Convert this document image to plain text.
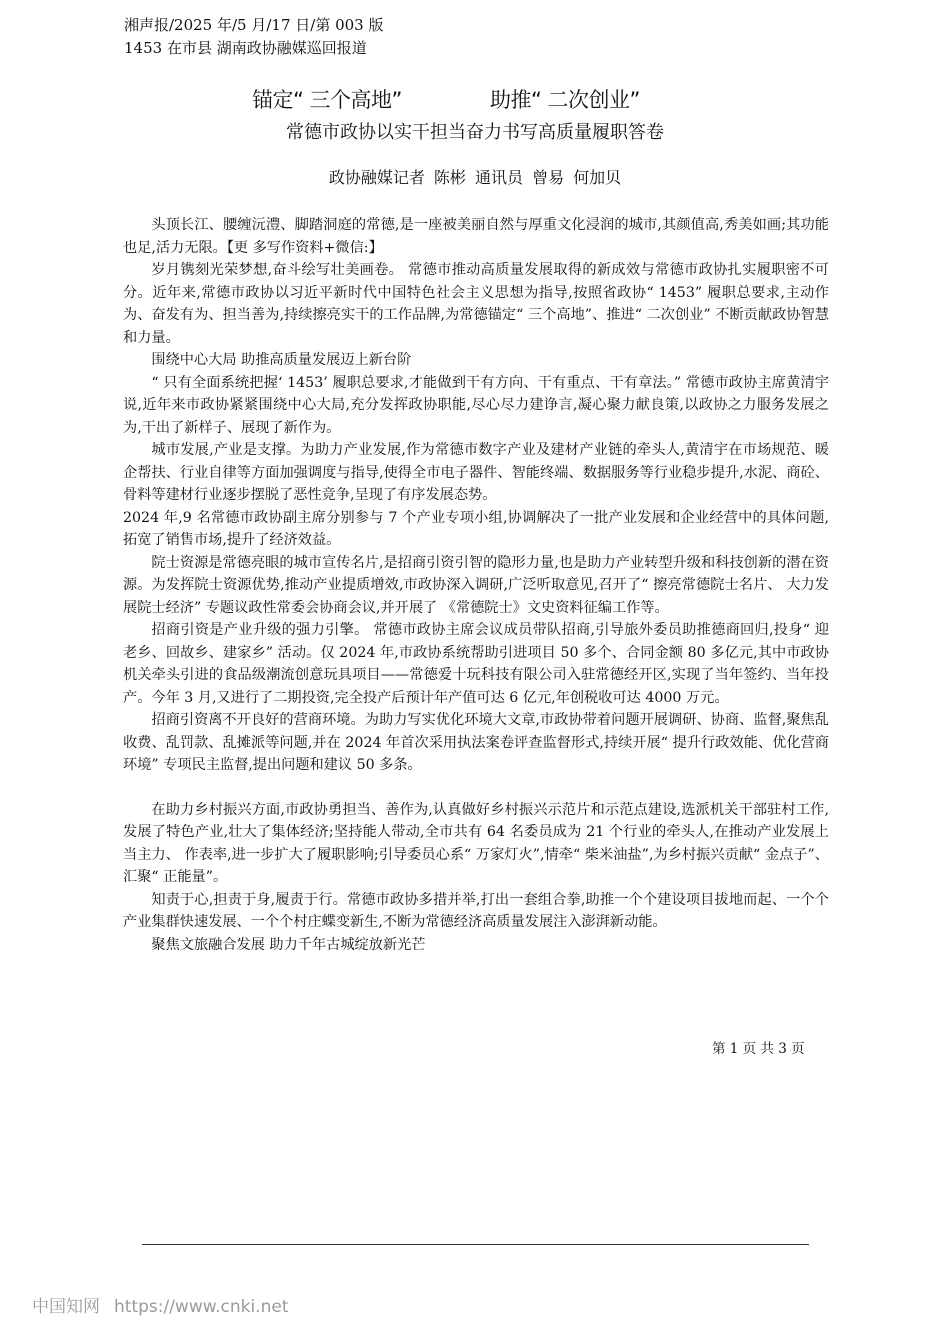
湘声报/2025 年/5 月/17 日/第 003 版
1453 在市县 湖南政协融媒巡回报道
锚定“ 三个高地”	助推“ 二次创业”
常德市政协以实干担当奋力书写高质量履职答卷
政协融媒记者 陈彬 通讯员 曾易 何加贝

头顶长江、腰缠沅澧、脚踏洞庭的常德,是一座被美丽自然与厚重文化浸润的城市,其颜值高,秀美如画;其功能也足,活力无限。【更 多写作资料+微信:】

岁月镌刻光荣梦想,奋斗绘写壮美画卷。 常德市推动高质量发展取得的新成效与常德市政协扎实履职密不可分。近年来,常德市政协以习近平新时代中国特色社会主义思想为指导,按照省政协“ 1453” 履职总要求,主动作为、奋发有为、担当善为,持续擦亮实干的工作品牌,为常德锚定“ 三个高地”、推进“ 二次创业” 不断贡献政协智慧和力量。

围绕中心大局 助推高质量发展迈上新台阶

“ 只有全面系统把握‘ 1453’ 履职总要求,才能做到干有方向、干有重点、干有章法。” 常德市政协主席黄清宇说,近年来市政协紧紧围绕中心大局,充分发挥政协职能,尽心尽力建诤言,凝心聚力献良策,以政协之力服务发展之为,干出了新样子、展现了新作为。

城市发展,产业是支撑。为助力产业发展,作为常德市数字产业及建材产业链的牵头人,黄清宇在市场规范、暖企帮扶、行业自律等方面加强调度与指导,使得全市电子器件、智能终端、数据服务等行业稳步提升,水泥、商砼、骨料等建材行业逐步摆脱了恶性竞争,呈现了有序发展态势。

2024 年,9 名常德市政协副主席分别参与 7 个产业专项小组,协调解决了一批产业发展和企业经营中的具体问题,拓宽了销售市场,提升了经济效益。

院士资源是常德亮眼的城市宣传名片,是招商引资引智的隐形力量,也是助力产业转型升级和科技创新的潜在资源。为发挥院士资源优势,推动产业提质增效,市政协深入调研,广泛听取意见,召开了“ 擦亮常德院士名片、 大力发展院士经济” 专题议政性常委会协商会议,并开展了 《常德院士》文史资料征编工作等。

招商引资是产业升级的强力引擎。 常德市政协主席会议成员带队招商,引导旅外委员助推德商回归,投身“ 迎老乡、回故乡、建家乡” 活动。仅 2024 年,市政协系统帮助引进项目 50 多个、合同金额 80 多亿元,其中市政协机关牵头引进的食品级潮流创意玩具项目——常德爱十玩科技有限公司入驻常德经开区,实现了当年签约、当年投产。今年 3 月,又进行了二期投资,完全投产后预计年产值可达 6 亿元,年创税收可达 4000 万元。

招商引资离不开良好的营商环境。为助力写实优化环境大文章,市政协带着问题开展调研、协商、监督,聚焦乱收费、乱罚款、乱摊派等问题,并在 2024 年首次采用执法案卷评查监督形式,持续开展“ 提升行政效能、优化营商环境” 专项民主监督,提出问题和建议 50 多条。

在助力乡村振兴方面,市政协勇担当、善作为,认真做好乡村振兴示范片和示范点建设,选派机关干部驻村工作,发展了特色产业,壮大了集体经济;坚持能人带动,全市共有 64 名委员成为 21 个行业的牵头人,在推动产业发展上当主力、 作表率,进一步扩大了履职影响;引导委员心系“ 万家灯火”,情牵“ 柴米油盐”,为乡村振兴贡献“ 金点子”、汇聚“ 正能量”。

知责于心,担责于身,履责于行。常德市政协多措并举,打出一套组合拳,助推一个个建设项目拔地而起、一个个产业集群快速发展、一个个村庄蝶变新生,不断为常德经济高质量发展注入澎湃新动能。

聚焦文旅融合发展 助力千年古城绽放新光芒

第 1 页 共 3 页
中国知网 https://www.cnki.net
